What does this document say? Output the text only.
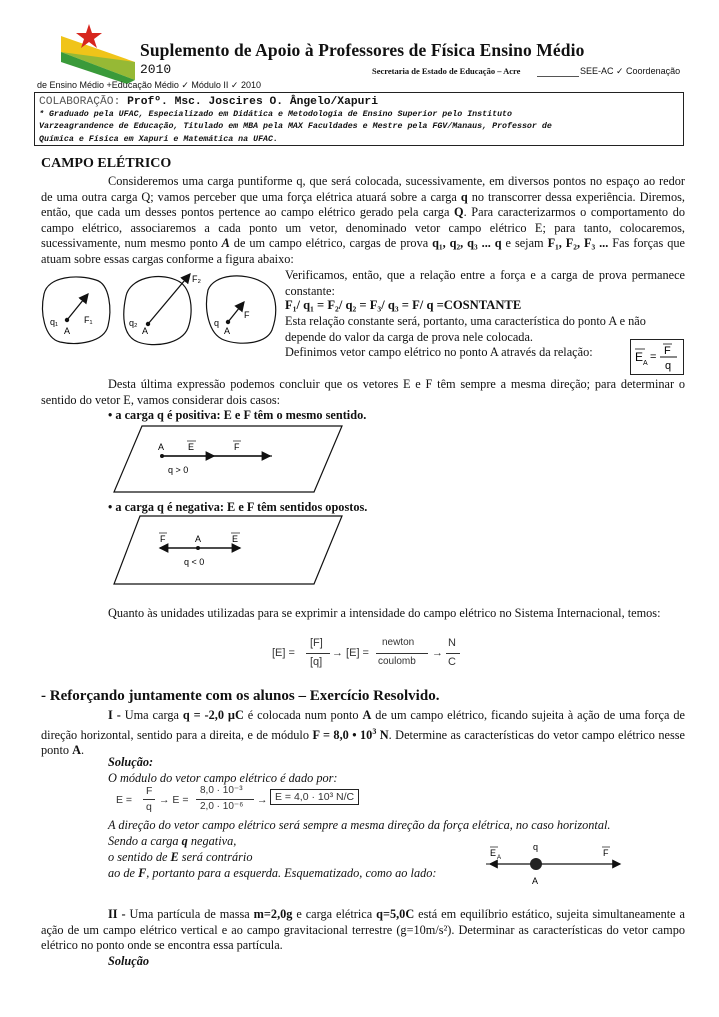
Suplemento de Apoio à Professores de Física Ensino Médio
2010	Secretaria de Estado de Educação – Acre	SEE-AC ✓ Coordenação
de Ensino Médio +Educação Médio ✓ Módulo II ✓ 2010
COLABORAÇÃO: Profº. Msc. Joscires O. Ângelo/Xapuri
* Graduado pela UFAC, Especializado em Didática e Metodologia de Ensino Superior pelo Instituto Varzeagrandence de Educação, Titulado em MBA pela MAX Faculdades e Mestre pela FGV/Manaus, Professor de Química e Física em Xapuri e Matemática na UFAC.
CAMPO ELÉTRICO
Consideremos uma carga puntiforme q, que será colocada, sucessivamente, em diversos pontos no espaço ao redor de uma outra carga Q; vamos perceber que uma força elétrica atuará sobre a carga q no transcorrer dessa experiência. Diremos, então, que cada um desses pontos pertence ao campo elétrico gerado pela carga Q. Para caracterizarmos o comportamento do campo elétrico, associaremos a cada ponto um vetor, denominado vetor campo elétrico E; para tanto, colocaremos, sucessivamente, num mesmo ponto A de um campo elétrico, cargas de prova q₁, q₂, q₃ ... q e sejam F₁, F₂, F₃ ... Fas forças que atuam sobre essas cargas conforme a figura abaixo:
q₁
A
F₁	q₂
A
F₂
q
A
F
Verificamos, então, que a relação entre a força e a carga de prova permanece constante:
F₁/ q₁ = F₂/ q₂ = F₃/ q₃ = F/ q =COSNTANTE
Esta relação constante será, portanto, uma característica do ponto A e não depende do valor da carga de prova nele colocada.
Definimos vetor campo elétrico no ponto A através da relação:	E A
= F
q
Desta última expressão podemos concluir que os vetores E e F têm sempre a mesma direção; para determinar o sentido do vetor E, vamos considerar dois casos:
• a carga q é positiva: E e F têm o mesmo sentido.
A	E	F
q > 0
• a carga q é negativa: E e F têm sentidos opostos.
F	A	E
q < 0
Quanto às unidades utilizadas para se exprimir a intensidade do campo elétrico no Sistema Internacional, temos:
[E] =
[F]
[q]
→ [E] =
newton
coulomb
→
N
C
- Reforçando juntamente com os alunos – Exercício Resolvido.
I - Uma carga q = -2,0 µC é colocada num ponto A de um campo elétrico, ficando sujeita à ação de uma força de direção horizontal, sentido para a direita, e de módulo F = 8,0 • $10^3$ N. Determine as características do vetor campo elétrico nesse ponto A.
Solução:
O módulo do vetor campo elétrico é dado por:
E =
F
q
→ E =
8,0 · 10⁻³
2,0 · 10⁻⁶
→ E = 4,0 · 10³ N/C
A direção do vetor campo elétrico será sempre a mesma direção da força elétrica, no caso horizontal.
Sendo a carga q negativa,
o sentido de E será contrário
ao de F, portanto para a esquerda. Esquematizado, como ao lado:
E A
q
F
A
II - Uma partícula de massa m=2,0g e carga elétrica q=5,0C está em equilíbrio estático, sujeita simultaneamente a ação de um campo elétrico vertical e ao campo gravitacional terrestre (g=10m/s²). Determinar as características do vetor campo elétrico no ponto onde se encontra essa partícula.
Solução
